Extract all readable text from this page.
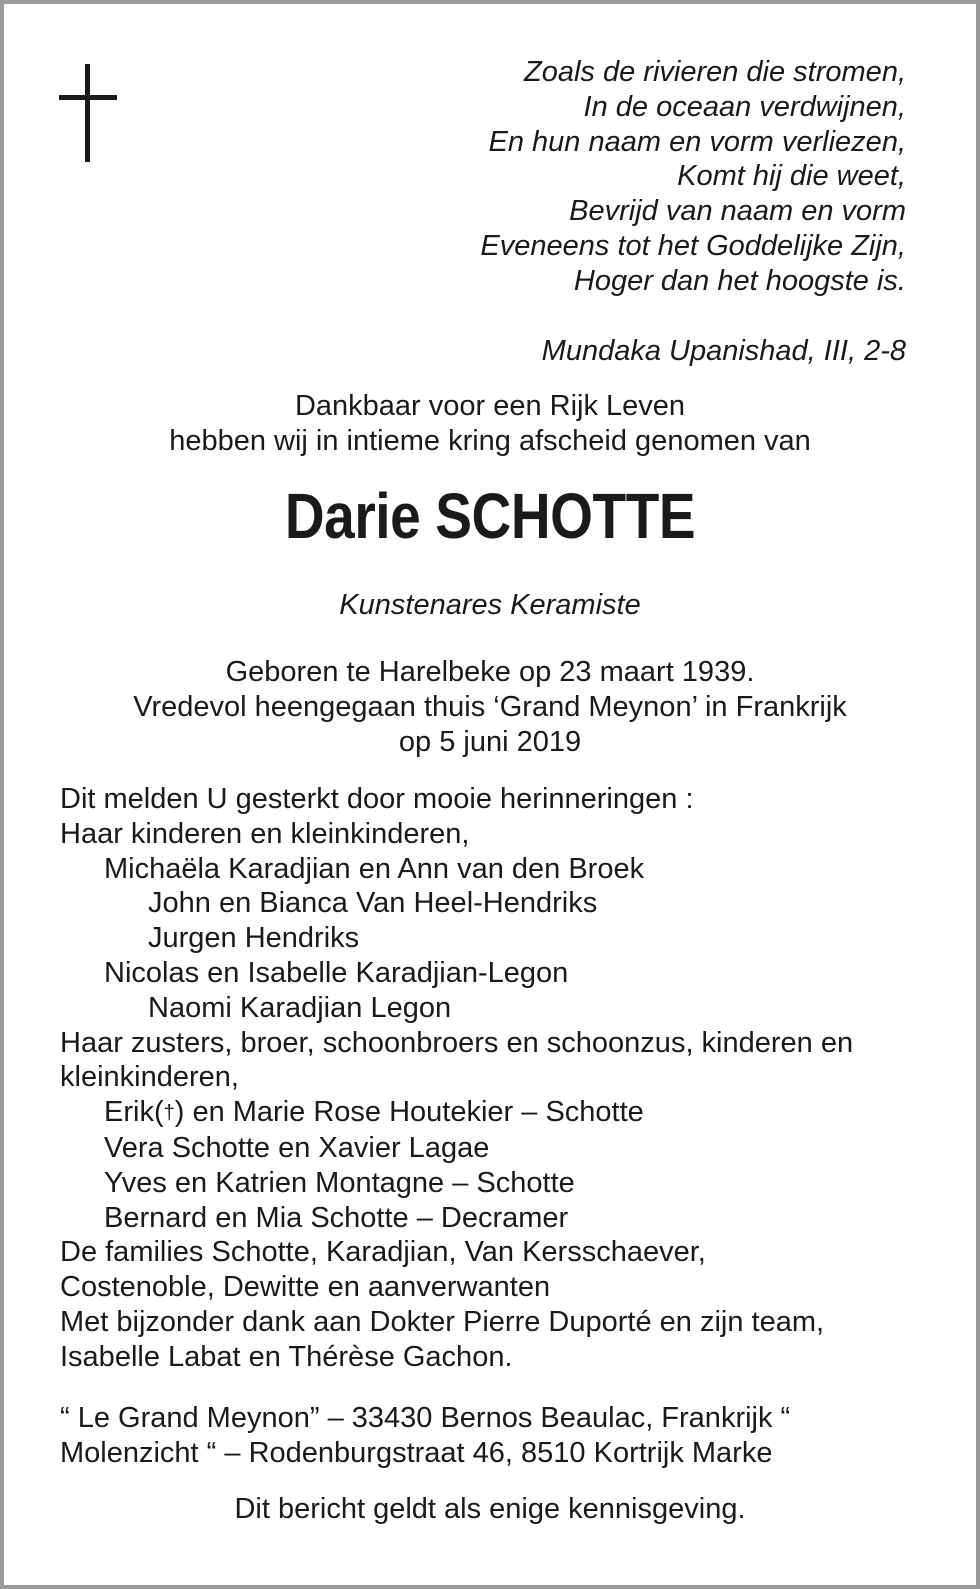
Zoals de rivieren die stromen,
In de oceaan verdwijnen,
En hun naam en vorm verliezen,
Komt hij die weet,
Bevrijd van naam en vorm
Eveneens tot het Goddelijke Zijn,
Hoger dan het hoogste is.
Mundaka Upanishad, III, 2-8
Dankbaar voor een Rijk Leven
hebben wij in intieme kring afscheid genomen van
Darie SCHOTTE
Kunstenares Keramiste
Geboren te Harelbeke op 23 maart 1939.
Vredevol heengegaan thuis ‘Grand Meynon’ in Frankrijk
op 5 juni 2019
Dit melden U gesterkt door mooie herinneringen :
Haar kinderen en kleinkinderen,
Michaëla Karadjian en Ann van den Broek
John en Bianca Van Heel-Hendriks
Jurgen Hendriks
Nicolas en Isabelle Karadjian-Legon
Naomi Karadjian Legon
Haar zusters, broer, schoonbroers en schoonzus, kinderen en kleinkinderen,
Erik(†) en Marie Rose Houtekier – Schotte
Vera Schotte en Xavier Lagae
Yves en Katrien Montagne – Schotte
Bernard en Mia Schotte – Decramer
De families Schotte, Karadjian, Van Kersschaever,
Costenoble, Dewitte en aanverwanten
Met bijzonder dank aan Dokter Pierre Duporté en zijn team,
Isabelle Labat en Thérèse Gachon.
“ Le Grand Meynon” – 33430 Bernos Beaulac, Frankrijk “
Molenzicht “ – Rodenburgstraat 46, 8510 Kortrijk Marke
Dit bericht geldt als enige kennisgeving.
